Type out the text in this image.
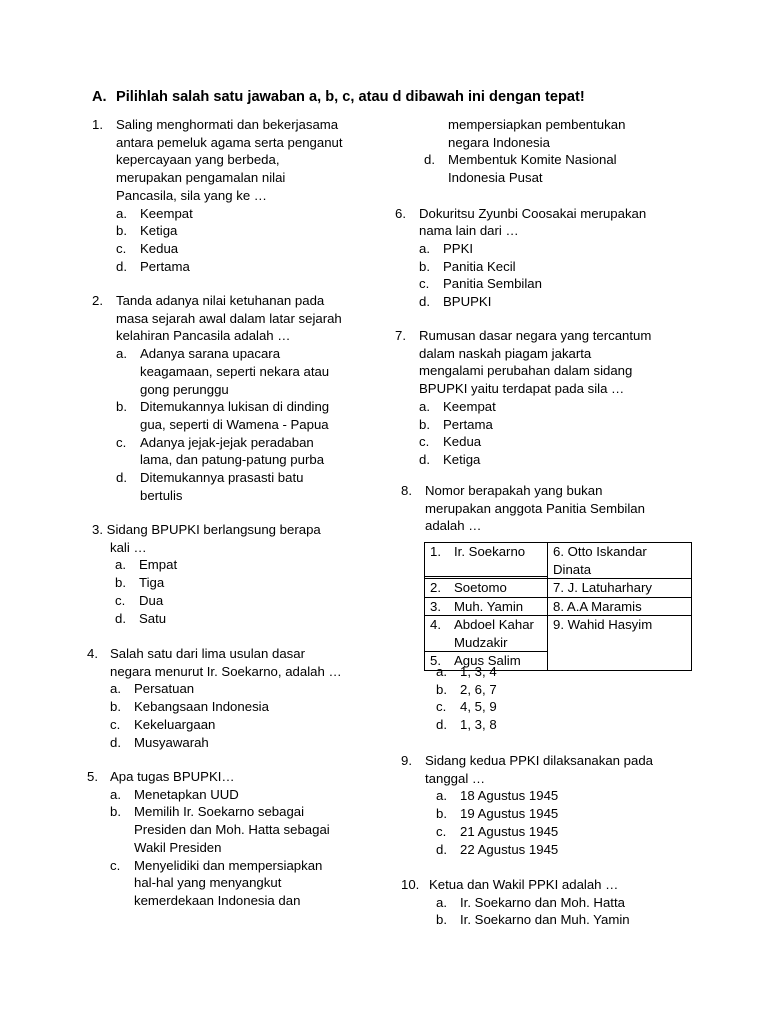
A. Pilihlah salah satu jawaban a, b, c, atau d dibawah ini dengan tepat!
1. Saling menghormati dan bekerjasama
antara pemeluk agama serta penganut
kepercayaan yang berbeda,
merupakan pengamalan nilai
Pancasila, sila yang ke …
a. Keempat
b. Ketiga
c. Kedua
d. Pertama
2. Tanda adanya nilai ketuhanan pada
masa sejarah awal dalam latar sejarah
kelahiran Pancasila adalah …
a. Adanya sarana upacara
keagamaan, seperti nekara atau
gong perunggu
b. Ditemukannya lukisan di dinding
gua, seperti di Wamena - Papua
c. Adanya jejak-jejak peradaban
lama, dan patung-patung purba
d. Ditemukannya prasasti batu
bertulis
3. Sidang BPUPKI berlangsung berapa
kali …
a. Empat
b. Tiga
c. Dua
d. Satu
4. Salah satu dari lima usulan dasar
negara menurut Ir. Soekarno, adalah …
a. Persatuan
b. Kebangsaan Indonesia
c. Kekeluargaan
d. Musyawarah
5. Apa tugas BPUPKI…
a. Menetapkan UUD
b. Memilih Ir. Soekarno sebagai
Presiden dan Moh. Hatta sebagai
Wakil Presiden
c. Menyelidiki dan mempersiapkan
hal-hal yang menyangkut
kemerdekaan Indonesia dan
mempersiapkan pembentukan
negara Indonesia
d. Membentuk Komite Nasional
Indonesia Pusat
6. Dokuritsu Zyunbi Coosakai merupakan
nama lain dari …
a. PPKI
b. Panitia Kecil
c. Panitia Sembilan
d. BPUPKI
7. Rumusan dasar negara yang tercantum
dalam naskah piagam jakarta
mengalami perubahan dalam sidang
BPUPKI yaitu terdapat pada sila …
a. Keempat
b. Pertama
c. Kedua
d. Ketiga
8. Nomor berapakah yang bukan
merupakan anggota Panitia Sembilan
adalah …
1. Ir. Soekarno	6. Otto Iskandar
Dinata

2. Soetomo	7. J. Latuharhary
3. Muh. Yamin	8. A.A Maramis
4. Abdoel Kahar
Mudzakir	9. Wahid Hasyim
5. Agus Salim	
a. 1, 3, 4
b. 2, 6, 7
c. 4, 5, 9
d. 1, 3, 8
9. Sidang kedua PPKI dilaksanakan pada
tanggal …
a. 18 Agustus 1945
b. 19 Agustus 1945
c. 21 Agustus 1945
d. 22 Agustus 1945
10. Ketua dan Wakil PPKI adalah …
a. Ir. Soekarno dan Moh. Hatta
b. Ir. Soekarno dan Muh. Yamin
